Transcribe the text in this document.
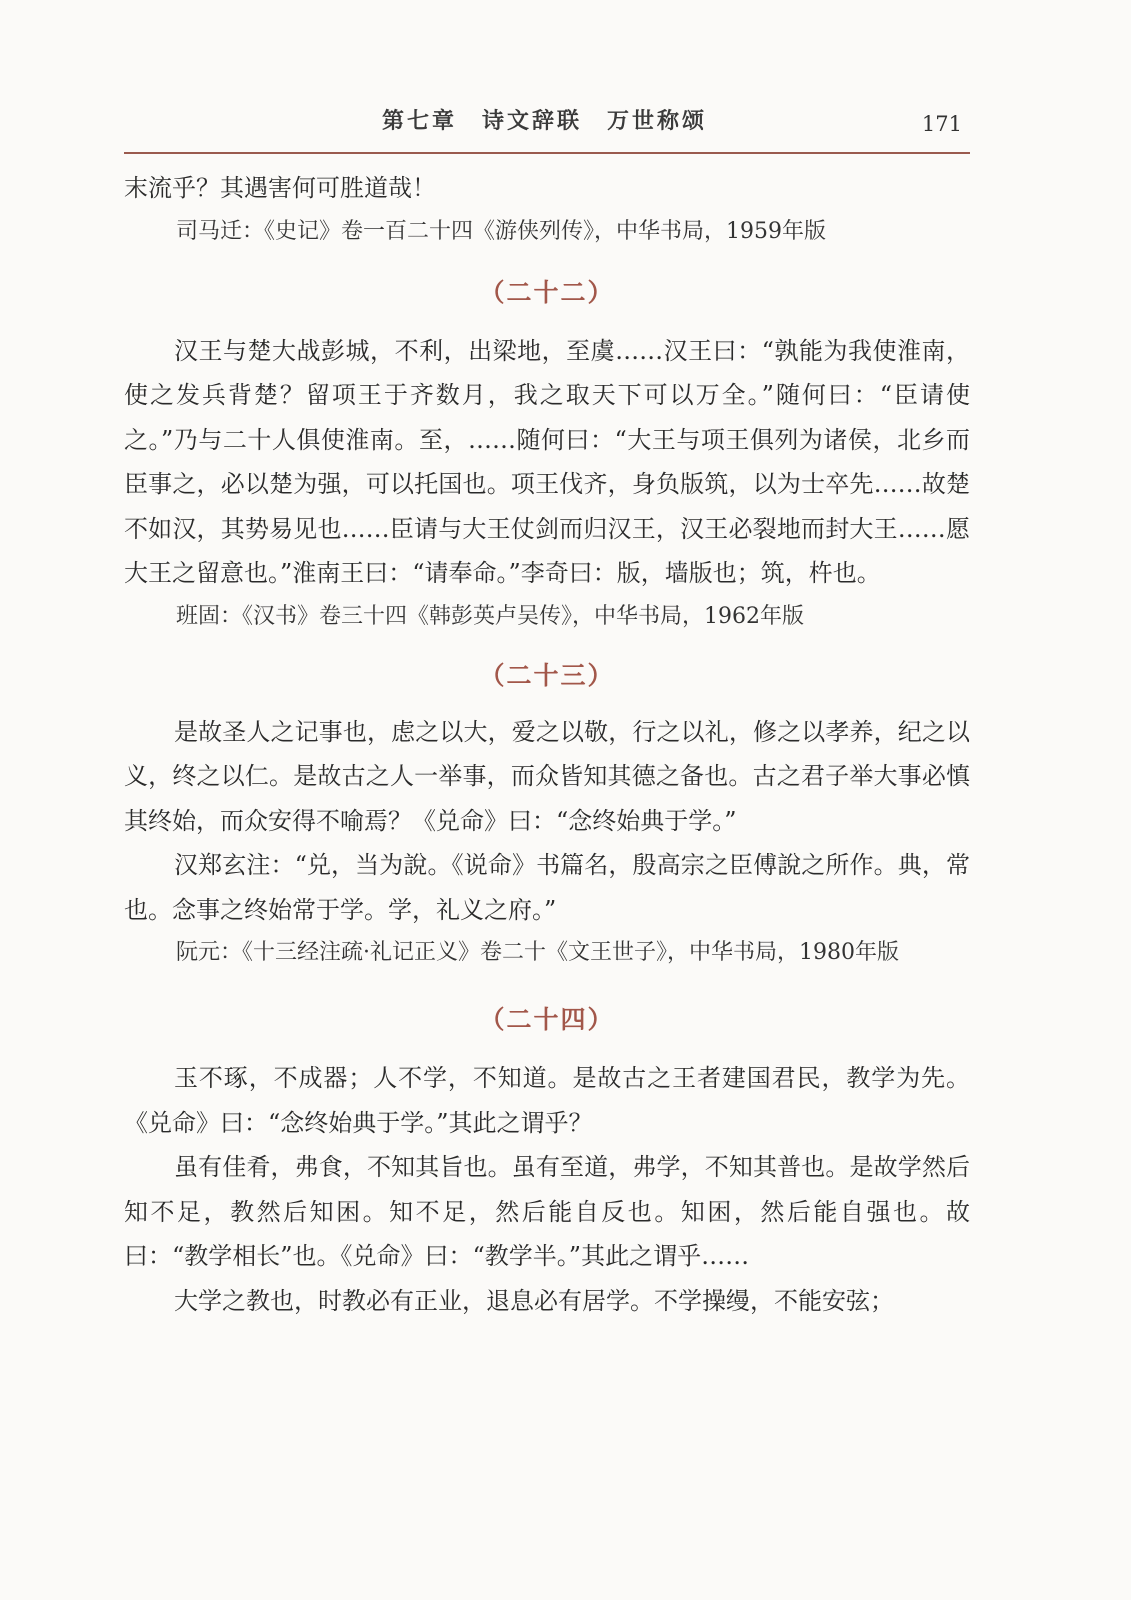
第七章　诗文辞联　万世称颂	171

末流乎？其遇害何可胜道哉！

司马迁：《史记》卷一百二十四《游侠列传》，中华书局，1959年版

（二十二）

汉王与楚大战彭城，不利，出梁地，至虞……汉王曰：“孰能为我使淮南，使之发兵背楚？留项王于齐数月，我之取天下可以万全。”随何曰：“臣请使之。”乃与二十人俱使淮南。至，……随何曰：“大王与项王俱列为诸侯，北乡而臣事之，必以楚为强，可以托国也。项王伐齐，身负版筑，以为士卒先……故楚不如汉，其势易见也……臣请与大王仗剑而归汉王，汉王必裂地而封大王……愿大王之留意也。”淮南王曰：“请奉命。”李奇曰：版，墙版也；筑，杵也。

班固：《汉书》卷三十四《韩彭英卢吴传》，中华书局，1962年版

（二十三）

是故圣人之记事也，虑之以大，爱之以敬，行之以礼，修之以孝养，纪之以义，终之以仁。是故古之人一举事，而众皆知其德之备也。古之君子举大事必慎其终始，而众安得不喻焉？《兑命》曰：“念终始典于学。”

汉郑玄注：“兑，当为說。《说命》书篇名，殷高宗之臣傅說之所作。典，常也。念事之终始常于学。学，礼义之府。”

阮元：《十三经注疏·礼记正义》卷二十《文王世子》，中华书局，1980年版

（二十四）

玉不琢，不成器；人不学，不知道。是故古之王者建国君民，教学为先。《兑命》曰：“念终始典于学。”其此之谓乎？

虽有佳肴，弗食，不知其旨也。虽有至道，弗学，不知其普也。是故学然后知不足，教然后知困。知不足，然后能自反也。知困，然后能自强也。故曰：“教学相长”也。《兑命》曰：“教学半。”其此之谓乎……

大学之教也，时教必有正业，退息必有居学。不学操缦，不能安弦；
